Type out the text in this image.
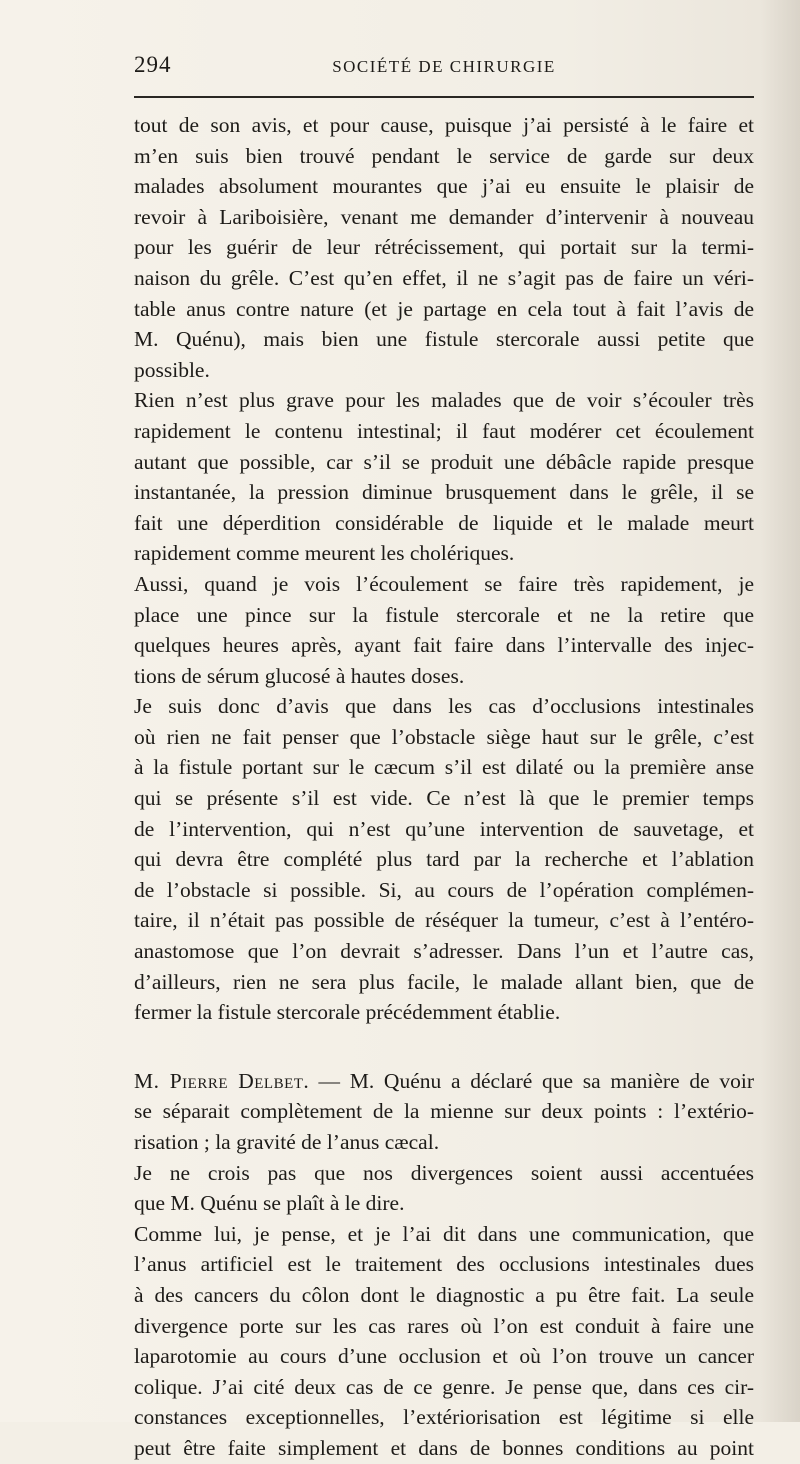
294	SOCIÉTÉ DE CHIRURGIE
tout de son avis, et pour cause, puisque j’ai persisté à le faire et
m’en suis bien trouvé pendant le service de garde sur deux
malades absolument mourantes que j’ai eu ensuite le plaisir de
revoir à Lariboisière, venant me demander d’intervenir à nouveau
pour les guérir de leur rétrécissement, qui portait sur la termi-
naison du grêle. C’est qu’en effet, il ne s’agit pas de faire un véri-
table anus contre nature (et je partage en cela tout à fait l’avis de
M. Quénu), mais bien une fistule stercorale aussi petite que
possible.
Rien n’est plus grave pour les malades que de voir s’écouler très
rapidement le contenu intestinal; il faut modérer cet écoulement
autant que possible, car s’il se produit une débâcle rapide presque
instantanée, la pression diminue brusquement dans le grêle, il se
fait une déperdition considérable de liquide et le malade meurt
rapidement comme meurent les cholériques.
Aussi, quand je vois l’écoulement se faire très rapidement, je
place une pince sur la fistule stercorale et ne la retire que
quelques heures après, ayant fait faire dans l’intervalle des injec-
tions de sérum glucosé à hautes doses.
Je suis donc d’avis que dans les cas d’occlusions intestinales
où rien ne fait penser que l’obstacle siège haut sur le grêle, c’est
à la fistule portant sur le cæcum s’il est dilaté ou la première anse
qui se présente s’il est vide. Ce n’est là que le premier temps
de l’intervention, qui n’est qu’une intervention de sauvetage, et
qui devra être complété plus tard par la recherche et l’ablation
de l’obstacle si possible. Si, au cours de l’opération complémen-
taire, il n’était pas possible de réséquer la tumeur, c’est à l’entéro-
anastomose que l’on devrait s’adresser. Dans l’un et l’autre cas,
d’ailleurs, rien ne sera plus facile, le malade allant bien, que de
fermer la fistule stercorale précédemment établie.
M. Pierre Delbet. — M. Quénu a déclaré que sa manière de voir
se séparait complètement de la mienne sur deux points : l’extério-
risation ; la gravité de l’anus cæcal.
Je ne crois pas que nos divergences soient aussi accentuées
que M. Quénu se plaît à le dire.
Comme lui, je pense, et je l’ai dit dans une communication, que
l’anus artificiel est le traitement des occlusions intestinales dues
à des cancers du côlon dont le diagnostic a pu être fait. La seule
divergence porte sur les cas rares où l’on est conduit à faire une
laparotomie au cours d’une occlusion et où l’on trouve un cancer
colique. J’ai cité deux cas de ce genre. Je pense que, dans ces cir-
constances exceptionnelles, l’extériorisation est légitime si elle
peut être faite simplement et dans de bonnes conditions au point
